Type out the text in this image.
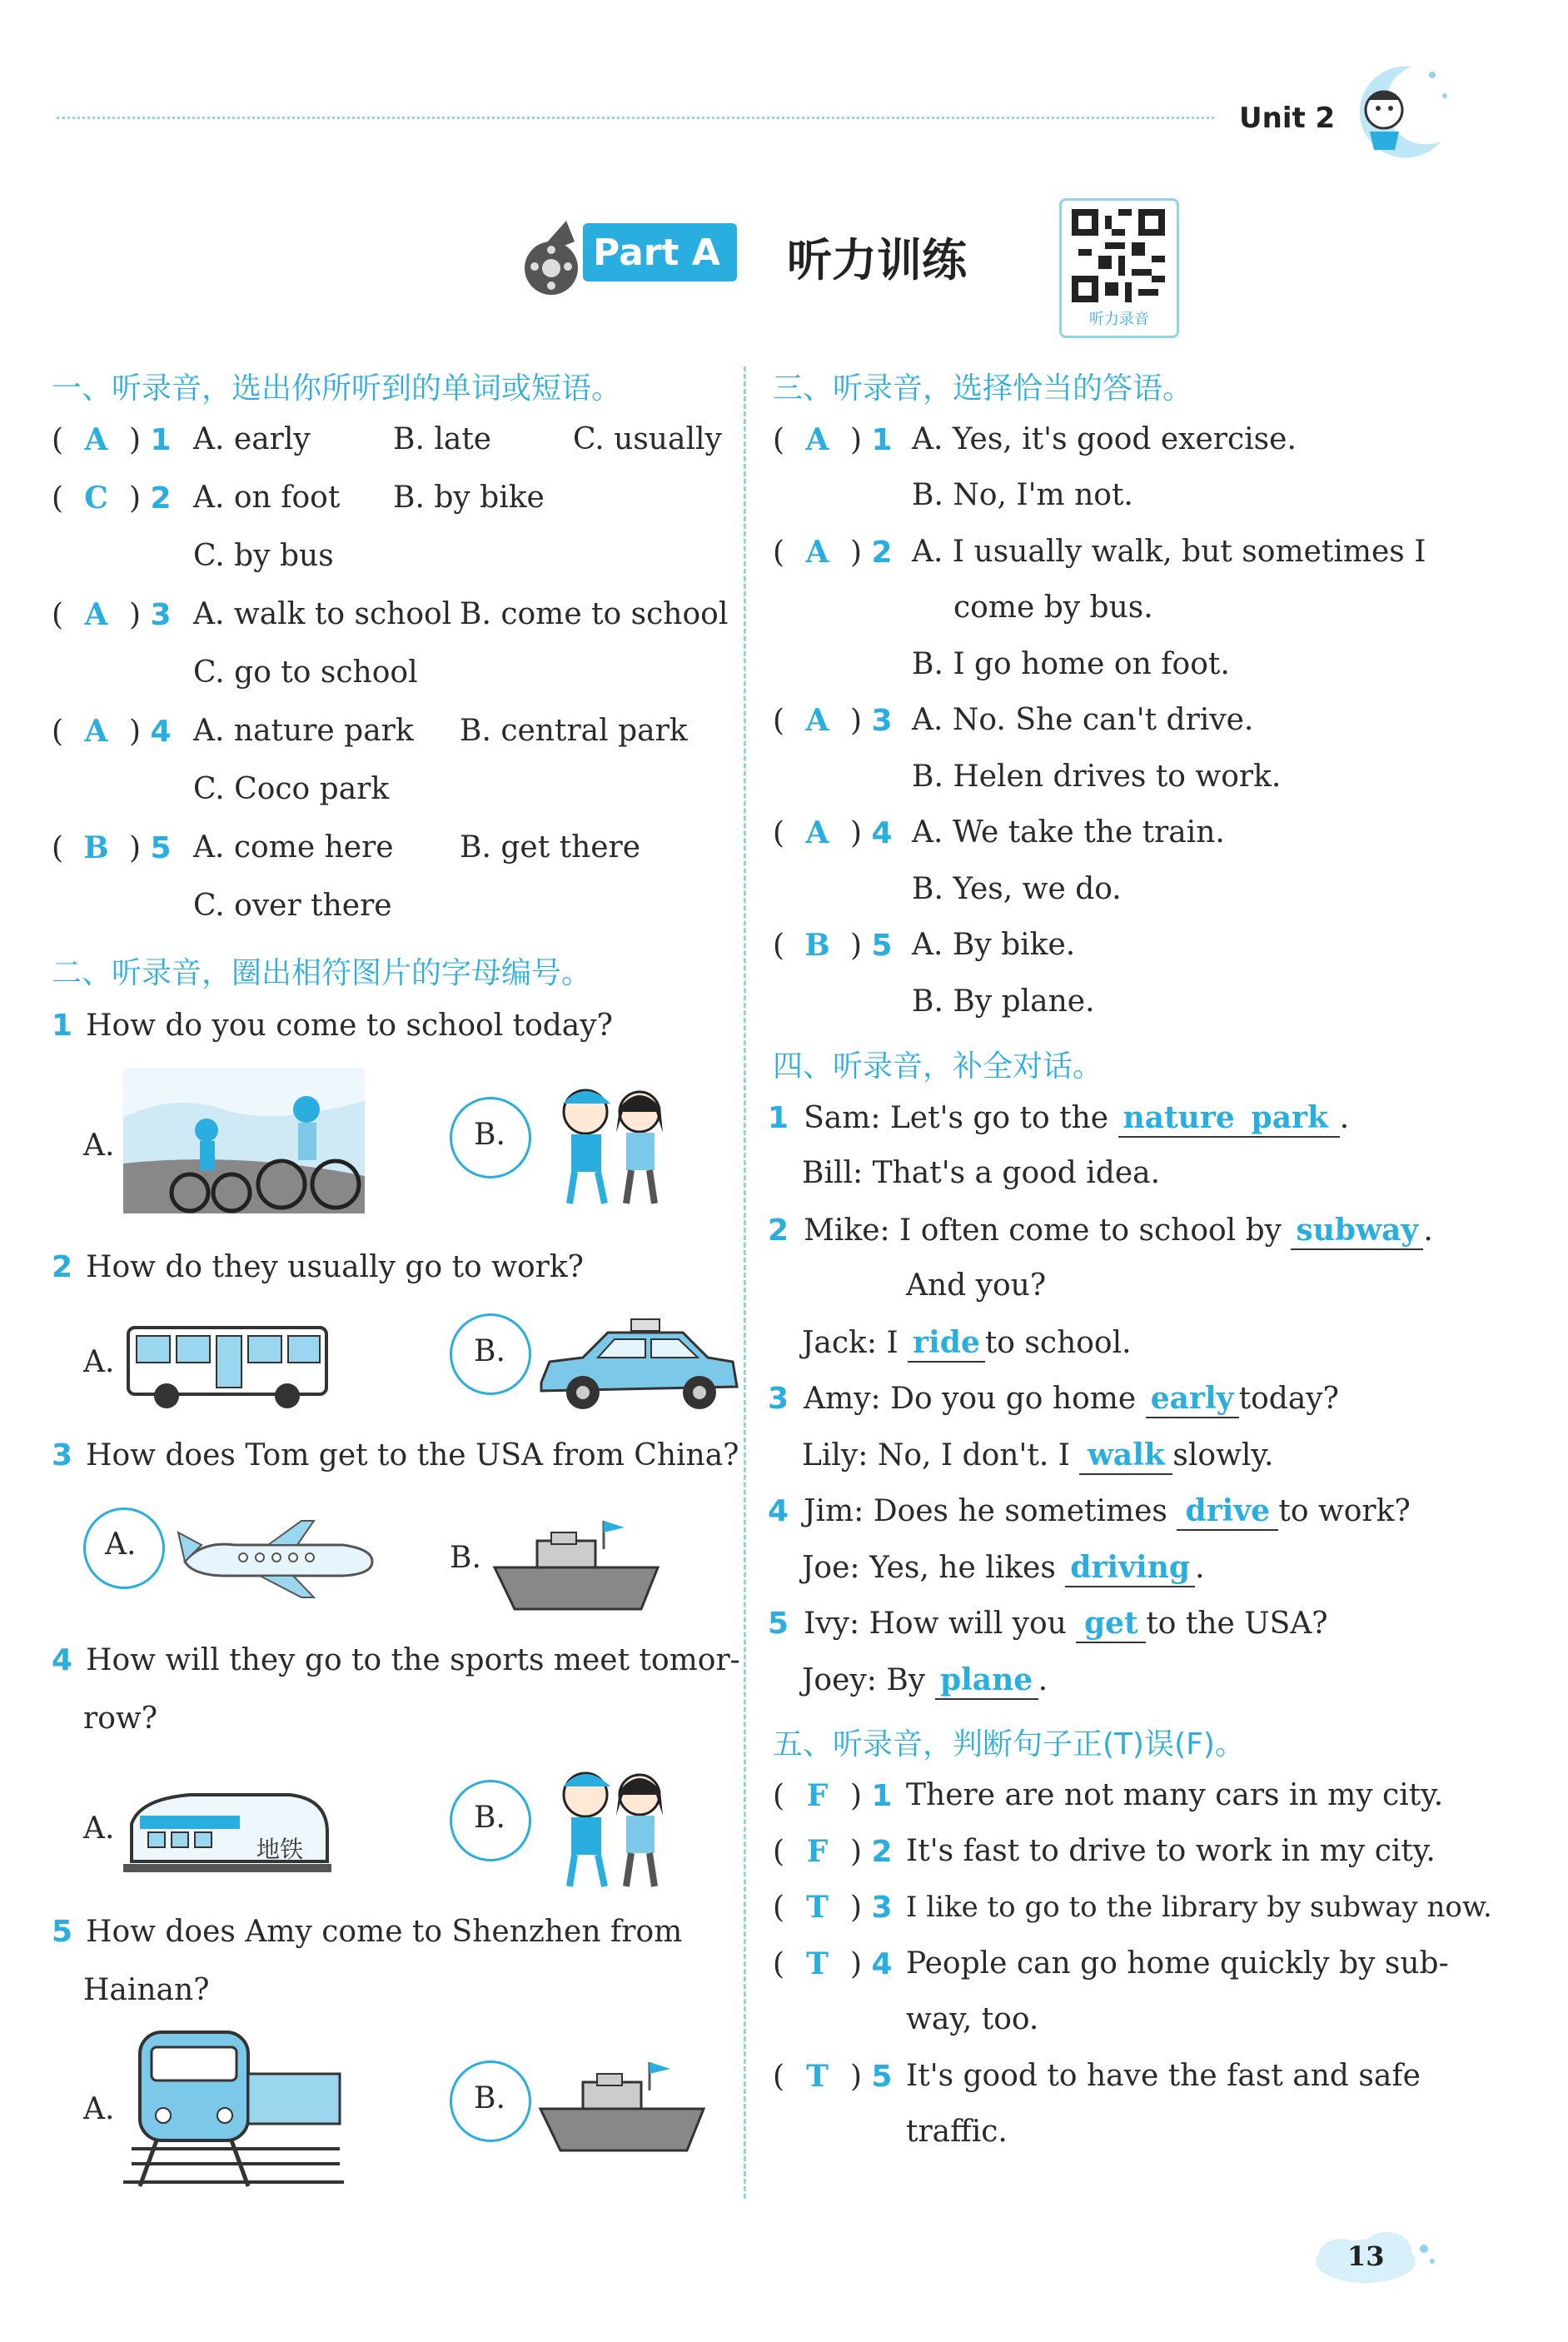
Unit 2
Part A 听力训练
听力录音
一、听录音，选出你所听到的单词或短语。
( A ) 1 A. early	B. late	C. usually
( C ) 2 A. on foot B. by bike
C. by bus
( A ) 3 A. walk to school B. come to school
C. go to school
( A ) 4 A. nature park B. central park
C. Coco park
( B ) 5 A. come here B. get there
C. over there
二、听录音，圈出相符图片的字母编号。
1 How do you come to school today?
A.	B.
2 How do they usually go to work?
A.	B.
3 How does Tom get to the USA from China?
A.	B.
4 How will they go to the sports meet tomor-
row?
A.
地铁
B.
5 How does Amy come to Shenzhen from
Hainan?
A.	B.
三、听录音，选择恰当的答语。
( A ) 1 A. Yes, it's good exercise.
B. No, I'm not.
( A ) 2 A. I usually walk, but sometimes I
come by bus.
B. I go home on foot.
( A ) 3 A. No. She can't drive.
B. Helen drives to work.
( A ) 4 A. We take the train.
B. Yes, we do.
( B ) 5 A. By bike.
B. By plane.
四、听录音，补全对话。
1 Sam: Let's go to the nature park .
Bill: That's a good idea.
2 Mike: I often come to school by subway .
And you?
Jack: I ride to school.
3 Amy: Do you go home early today?
Lily: No, I don't. I walk slowly.
4 Jim: Does he sometimes drive to work?
Joe: Yes, he likes driving .
5 Ivy: How will you get to the USA?
Joey: By plane .
五、听录音，判断句子正(T)误(F)。
( F ) 1 There are not many cars in my city.
( F ) 2 It's fast to drive to work in my city.
( T ) 3 I like to go to the library by subway now.
( T ) 4 People can go home quickly by sub-
way, too.
( T ) 5 It's good to have the fast and safe
traffic.
13
